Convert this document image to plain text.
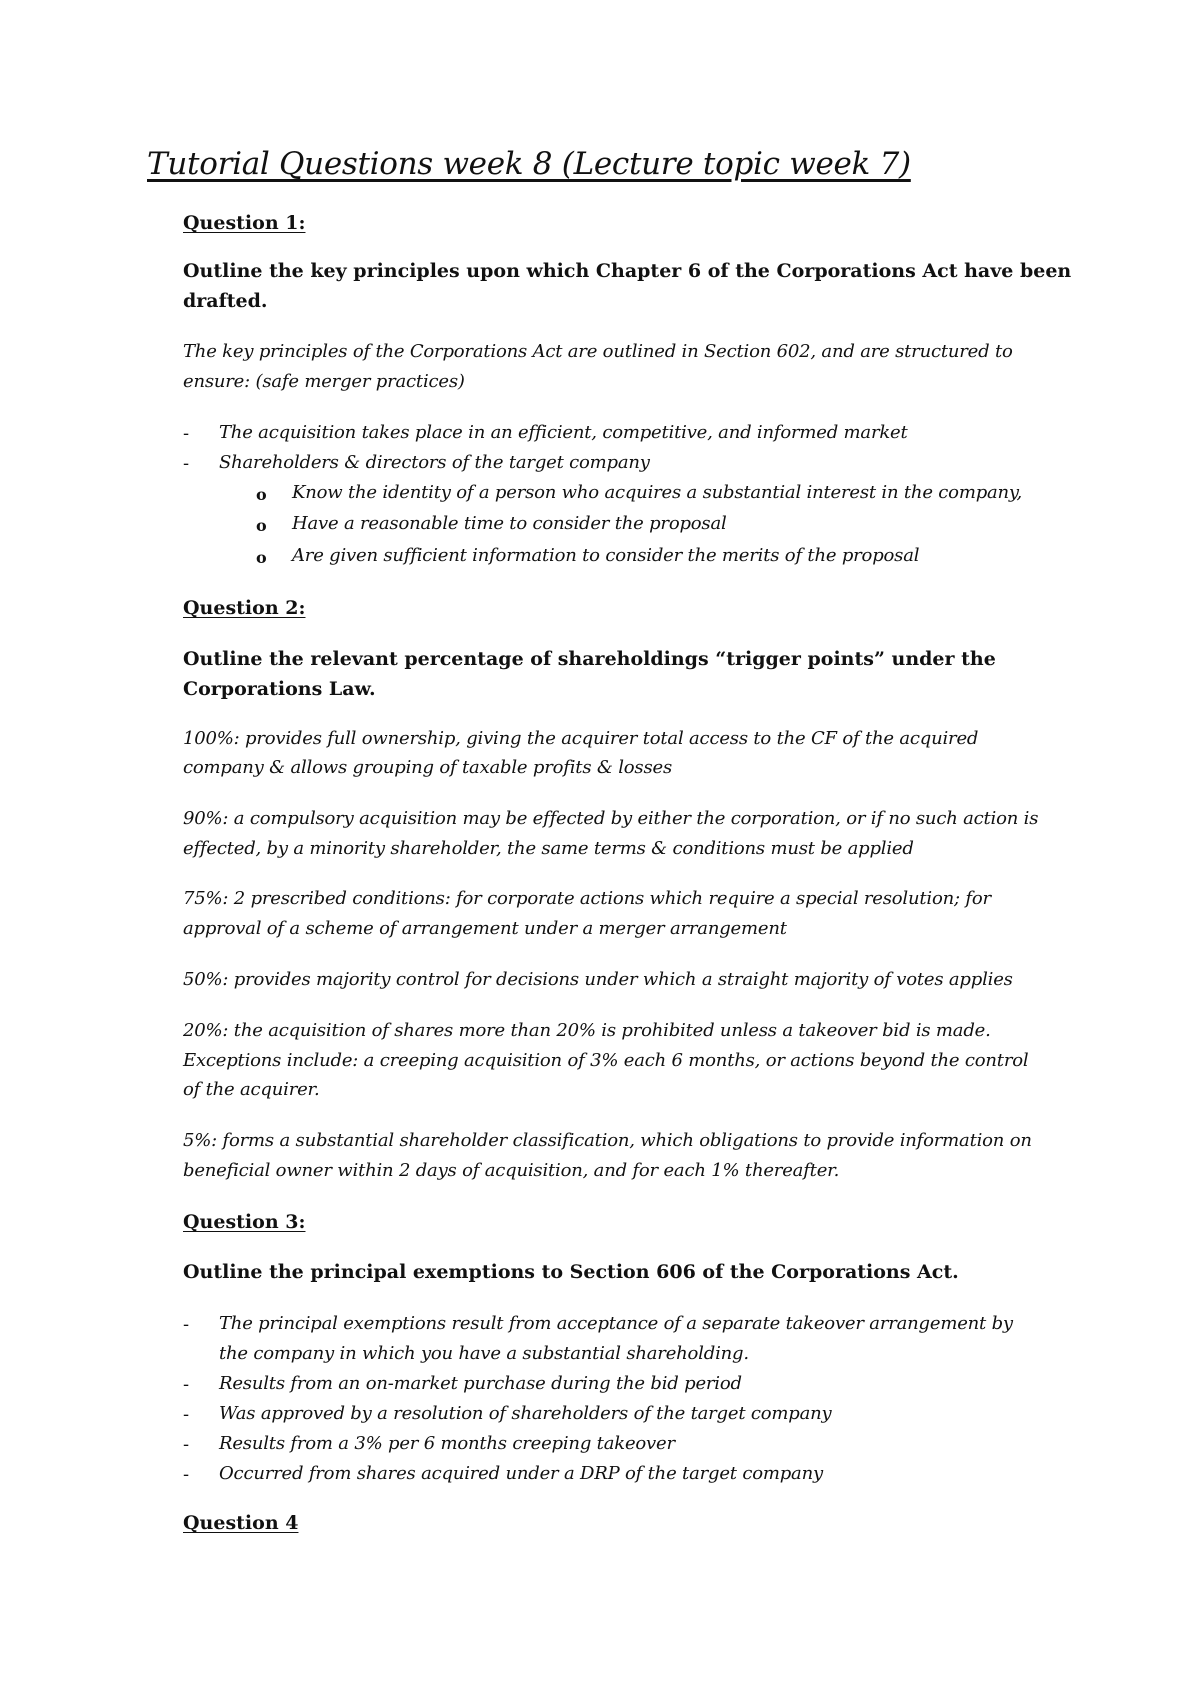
Tutorial Questions week 8 (Lecture topic week 7)
Question 1:
Outline the key principles upon which Chapter 6 of the Corporations Act have been
drafted.
The key principles of the Corporations Act are outlined in Section 602, and are structured to
ensure: (safe merger practices)
- The acquisition takes place in an efficient, competitive, and informed market
- Shareholders & directors of the target company
o Know the identity of a person who acquires a substantial interest in the company,
o Have a reasonable time to consider the proposal
o Are given sufficient information to consider the merits of the proposal
Question 2:
Outline the relevant percentage of shareholdings “trigger points” under the
Corporations Law.
100%: provides full ownership, giving the acquirer total access to the CF of the acquired
company & allows grouping of taxable profits & losses
90%: a compulsory acquisition may be effected by either the corporation, or if no such action is
effected, by a minority shareholder, the same terms & conditions must be applied
75%: 2 prescribed conditions: for corporate actions which require a special resolution; for
approval of a scheme of arrangement under a merger arrangement
50%: provides majority control for decisions under which a straight majority of votes applies
20%: the acquisition of shares more than 20% is prohibited unless a takeover bid is made.
Exceptions include: a creeping acquisition of 3% each 6 months, or actions beyond the control
of the acquirer.
5%: forms a substantial shareholder classification, which obligations to provide information on
beneficial owner within 2 days of acquisition, and for each 1% thereafter.
Question 3:
Outline the principal exemptions to Section 606 of the Corporations Act.
- The principal exemptions result from acceptance of a separate takeover arrangement by
the company in which you have a substantial shareholding.
- Results from an on-market purchase during the bid period
- Was approved by a resolution of shareholders of the target company
- Results from a 3% per 6 months creeping takeover
- Occurred from shares acquired under a DRP of the target company
Question 4
